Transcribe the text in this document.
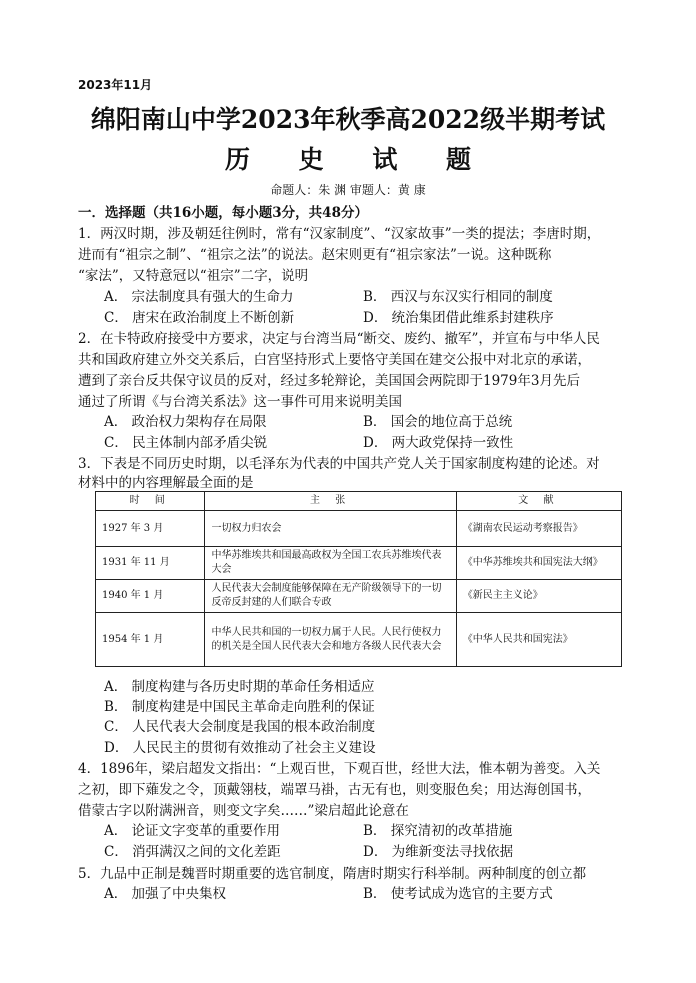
2023年11月
绵阳南山中学2023年秋季高2022级半期考试
历 史 试 题
命题人：朱 渊 审题人：黄 康
一．选择题（共16小题，每小题3分，共48分）
1．两汉时期，涉及朝廷往例时，常有“汉家制度”、“汉家故事”一类的提法；李唐时期，
进而有“祖宗之制”、“祖宗之法”的说法。赵宋则更有“祖宗家法”一说。这种既称
“家法”，又特意冠以“祖宗”二字，说明
A． 宗法制度具有强大的生命力	B． 西汉与东汉实行相同的制度
C． 唐宋在政治制度上不断创新	D． 统治集团借此维系封建秩序
2．在卡特政府接受中方要求，决定与台湾当局“断交、废约、撤军”，并宣布与中华人民
共和国政府建立外交关系后，白宫坚持形式上要恪守美国在建交公报中对北京的承诺，
遭到了亲台反共保守议员的反对，经过多轮辩论，美国国会两院即于1979年3月先后
通过了所谓《与台湾关系法》这一事件可用来说明美国
A． 政治权力架构存在局限	B． 国会的地位高于总统
C． 民主体制内部矛盾尖锐	D． 两大政党保持一致性
3．下表是不同历史时期，以毛泽东为代表的中国共产党人关于国家制度构建的论述。对
材料中的内容理解最全面的是
时 间	主 张	文 献
1927 年 3 月	一切权力归农会	《湖南农民运动考察报告》
1931 年 11 月	中华苏维埃共和国最高政权为全国工农兵苏维埃代表大会	《中华苏维埃共和国宪法大纲》
1940 年 1 月	人民代表大会制度能够保障在无产阶级领导下的一切反帝反封建的人们联合专政	《新民主主义论》
1954 年 1 月	中华人民共和国的一切权力属于人民。人民行使权力的机关是全国人民代表大会和地方各级人民代表大会	《中华人民共和国宪法》
A． 制度构建与各历史时期的革命任务相适应
B． 制度构建是中国民主革命走向胜利的保证
C． 人民代表大会制度是我国的根本政治制度
D． 人民民主的贯彻有效推动了社会主义建设
4．1896年，梁启超发文指出：“上观百世，下观百世，经世大法，惟本朝为善变。入关
之初，即下薙发之令，顶戴翎枝，端罩马褂，古无有也，则变服色矣；用达海创国书，
借蒙古字以附满洲音，则变文字矣……”梁启超此论意在
A． 论证文字变革的重要作用	B． 探究清初的改革措施
C． 消弭满汉之间的文化差距	D． 为维新变法寻找依据
5．九品中正制是魏晋时期重要的选官制度，隋唐时期实行科举制。两种制度的创立都
A． 加强了中央集权	B． 使考试成为选官的主要方式
